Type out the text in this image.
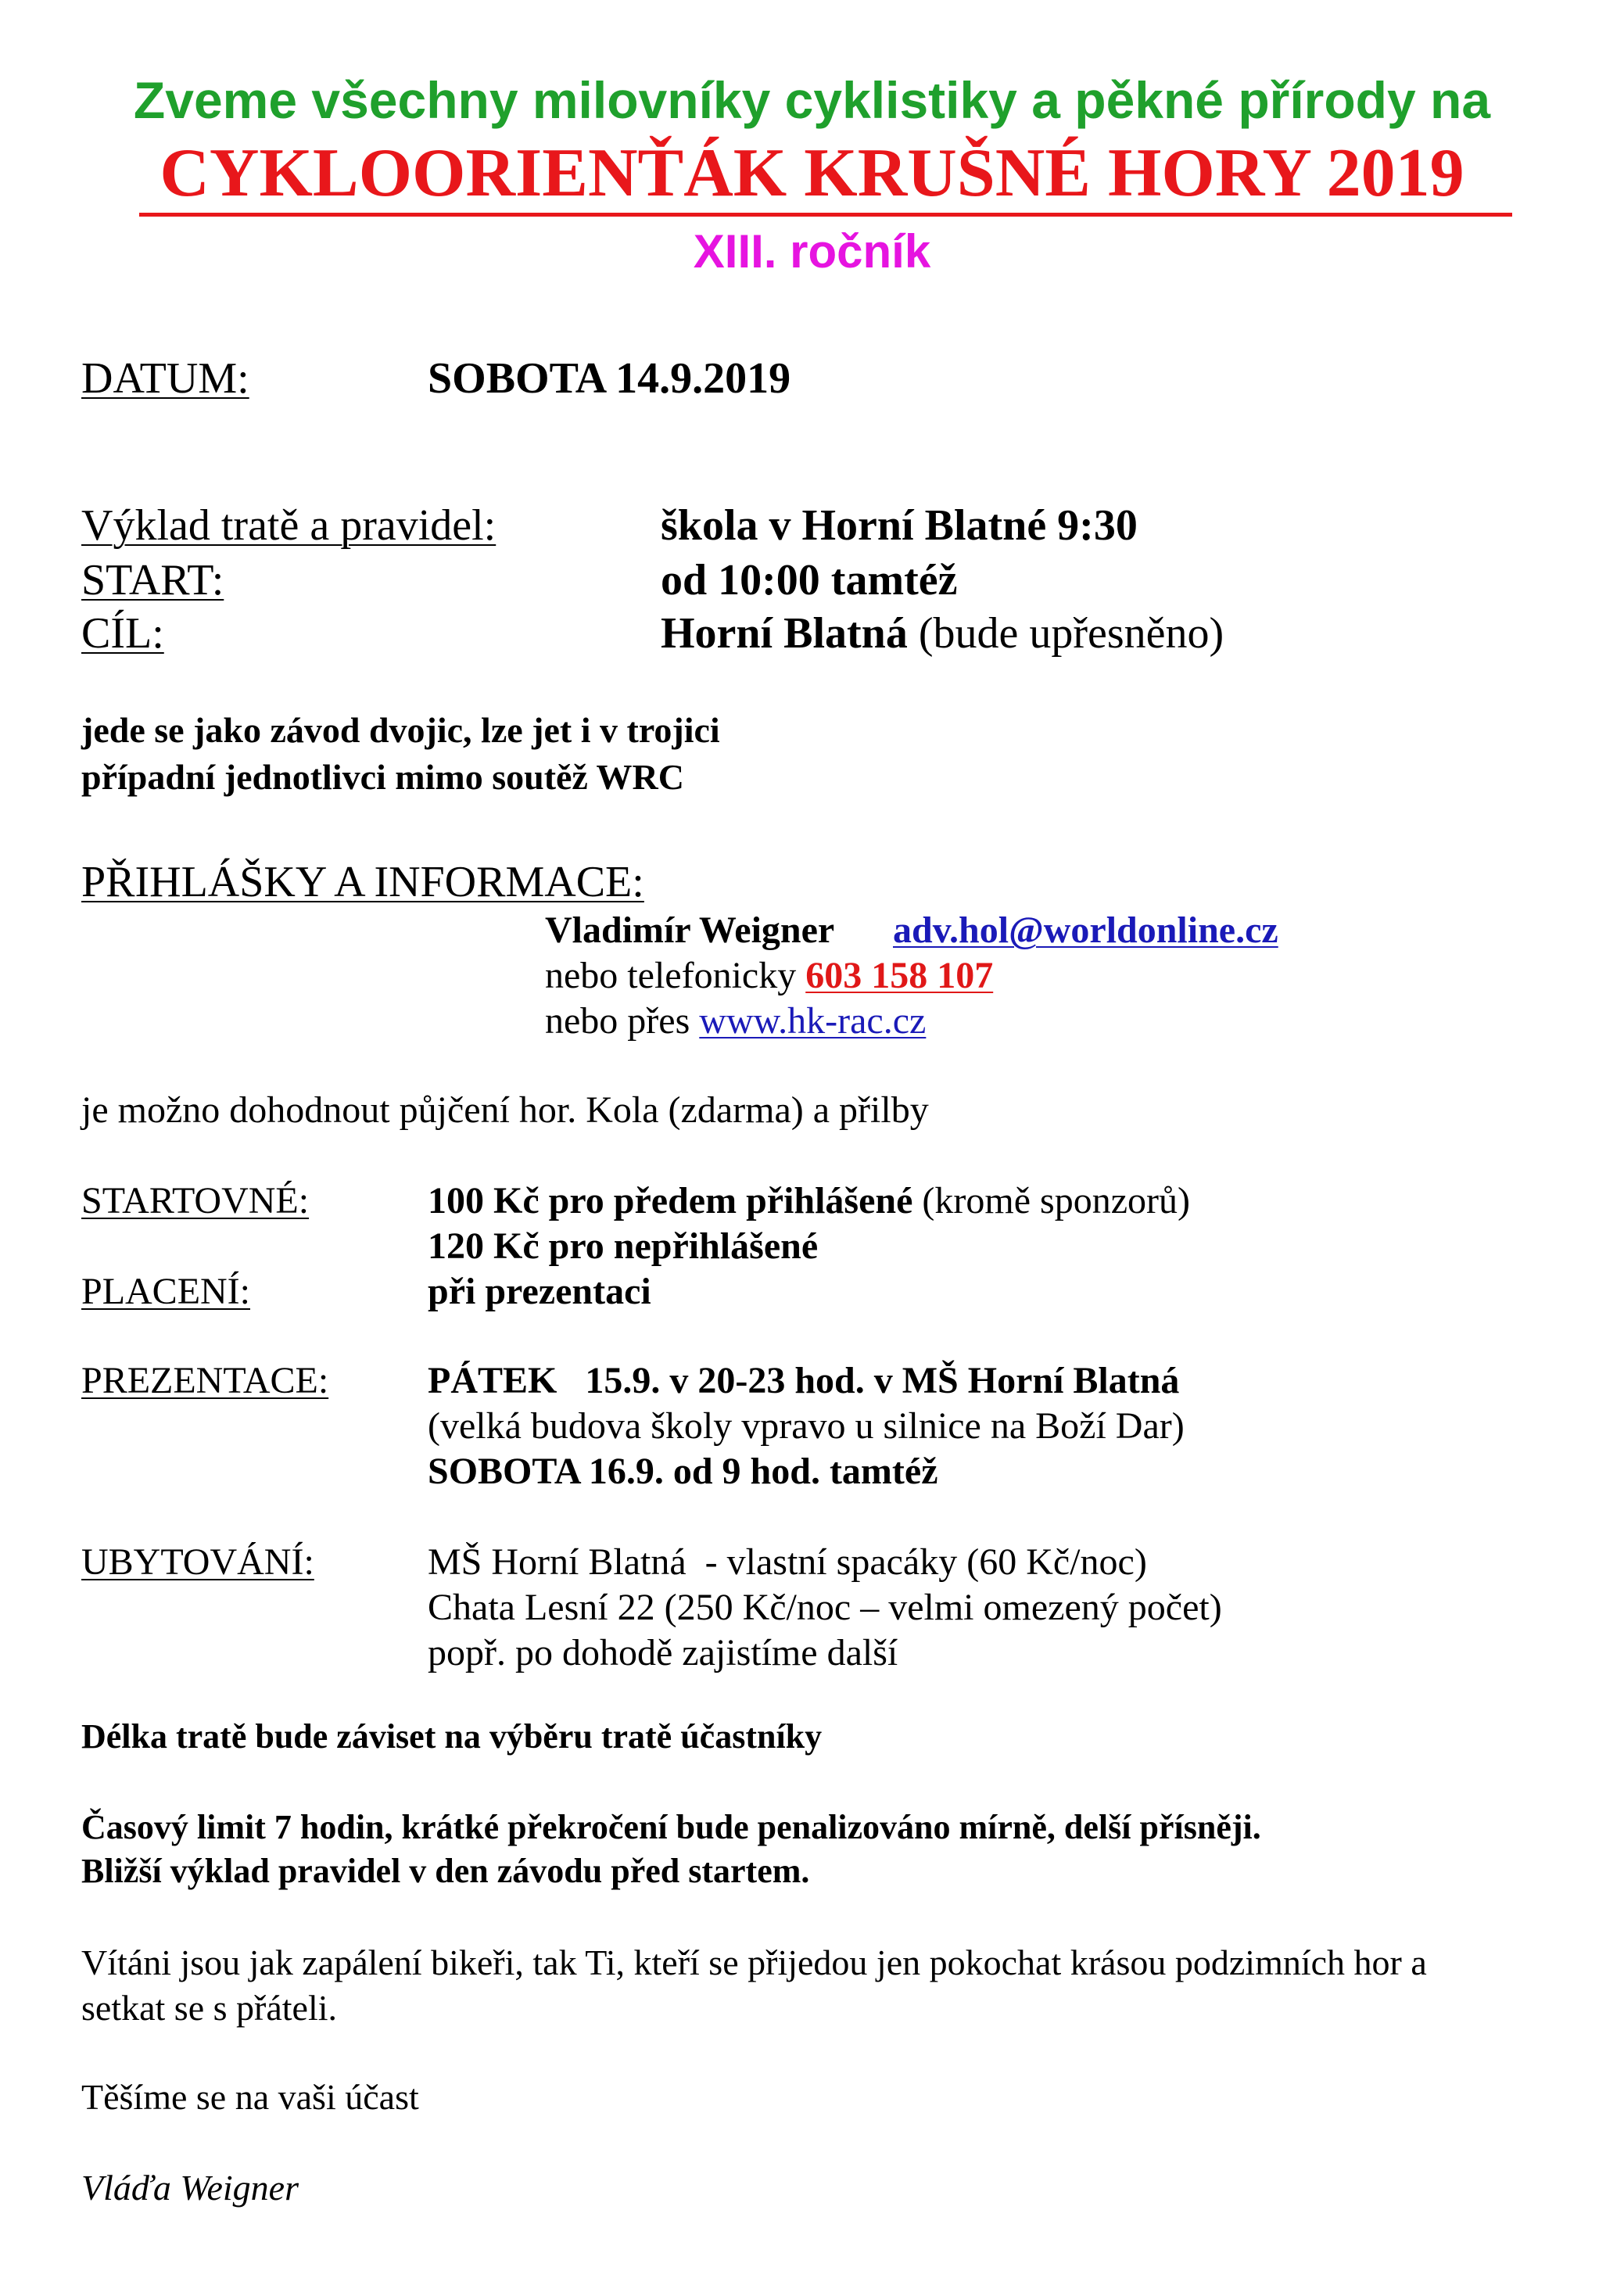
Zveme všechny milovníky cyklistiky a pěkné přírody na
CYKLOORIENŤÁK KRUŠNÉ HORY 2019
XIII. ročník
DATUM:	SOBOTA 14.9.2019
Výklad tratě a pravidel:	škola v Horní Blatné 9:30
START:	od 10:00 tamtéž
CÍL:	Horní Blatná (bude upřesněno)
jede se jako závod dvojic, lze jet i v trojici
případní jednotlivci mimo soutěž WRC
PŘIHLÁŠKY A INFORMACE:
Vladimír Weigner adv.hol@worldonline.cz
nebo telefonicky 603 158 107
nebo přes www.hk-rac.cz
je možno dohodnout půjčení hor. Kola (zdarma) a přilby
STARTOVNÉ:	100 Kč pro předem přihlášené (kromě sponzorů)
120 Kč pro nepřihlášené
PLACENÍ:	při prezentaci
PREZENTACE:	PÁTEK   15.9. v 20-23 hod. v MŠ Horní Blatná
(velká budova školy vpravo u silnice na Boží Dar)
SOBOTA 16.9. od 9 hod. tamtéž
UBYTOVÁNÍ:	MŠ Horní Blatná  - vlastní spacáky (60 Kč/noc)
Chata Lesní 22 (250 Kč/noc – velmi omezený počet)
popř. po dohodě zajistíme další
Délka tratě bude záviset na výběru tratě účastníky
Časový limit 7 hodin, krátké překročení bude penalizováno mírně, delší přísněji.
Bližší výklad pravidel v den závodu před startem.
Vítáni jsou jak zapálení bikeři, tak Ti, kteří se přijedou jen pokochat krásou podzimních hor a
setkat se s přáteli.
Těšíme se na vaši účast
Vláďa Weigner
